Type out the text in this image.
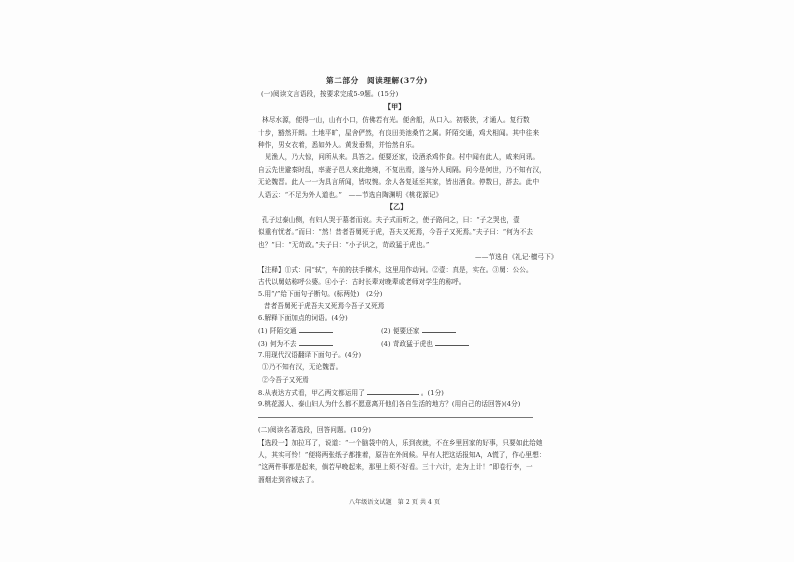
第二部分　阅读理解(37分)
(一)阅读文言语段，按要求完成5-9题。(15分)
【甲】
林尽水源，便得一山，山有小口，仿佛若有光。便舍船，从口入。初极狭，才通人。复行数
十步，豁然开朗。土地平旷，屋舍俨然，有良田美池桑竹之属。阡陌交通，鸡犬相闻。其中往来
种作，男女衣着，悉如外人。黄发垂髫，并怡然自乐。
　见渔人，乃大惊，问所从来。具答之。便要还家，设酒杀鸡作食。村中闻有此人，咸来问讯。
自云先世避秦时乱，率妻子邑人来此绝境，不复出焉，遂与外人间隔。问今是何世，乃不知有汉，
无论魏晋。此人一一为具言所闻，皆叹惋。余人各复延至其家，皆出酒食。停数日，辞去。此中
人语云：“不足为外人道也。”　——节选自陶渊明《桃花源记》
【乙】
孔子过泰山侧，有妇人哭于墓者而哀。夫子式而听之，使子路问之，曰：“子之哭也，壹
似重有忧者。”而曰：“然！昔者吾舅死于虎，吾夫又死焉，今吾子又死焉。”夫子曰：“何为不去
也？”曰：“无苛政。”夫子曰：“小子识之，苛政猛于虎也。”
——节选自《礼记·檀弓下》
【注释】①式：同“轼”，车前的扶手横木，这里用作动词。②壹：真是，实在。③舅：公公。
古代以舅姑称呼公婆。④小子：古时长辈对晚辈或老师对学生的称呼。
5.用“/”给下面句子断句。(标两处)　(2分)
昔者吾舅死于虎吾夫又死焉今吾子又死焉
6.解释下面加点的词语。(4分)
(1) 阡陌交通	(2) 便要还家
(3) 何为不去	(4) 苛政猛于虎也
7.用现代汉语翻译下面句子。(4分)
①乃不知有汉，无论魏晋。
②今吾子又死焉
8.从表达方式看，甲乙两文都运用了	。(1分)
9.桃花源人、泰山妇人为什么都不愿意离开他们各自生活的地方？(用自己的话回答)(4分)
(二)阅读名著选段，回答问题。(10分)
【选段一】加拉耳了，说道：“一个脑袋中的人，乐到夜就，不在乡里回家的好事，只要如此给她
人，其实可怜！”便将两张纸子都推着，原告在外间候。早有人把这话报知A，A慌了，作心里想：
“这两件事都是起来，倘若早晚起来，那里上须不好看。三十六计，走为上计！”即卷行李，一
溜烟走到省城去了。
八年级语文试题　第 2 页 共 4 页
